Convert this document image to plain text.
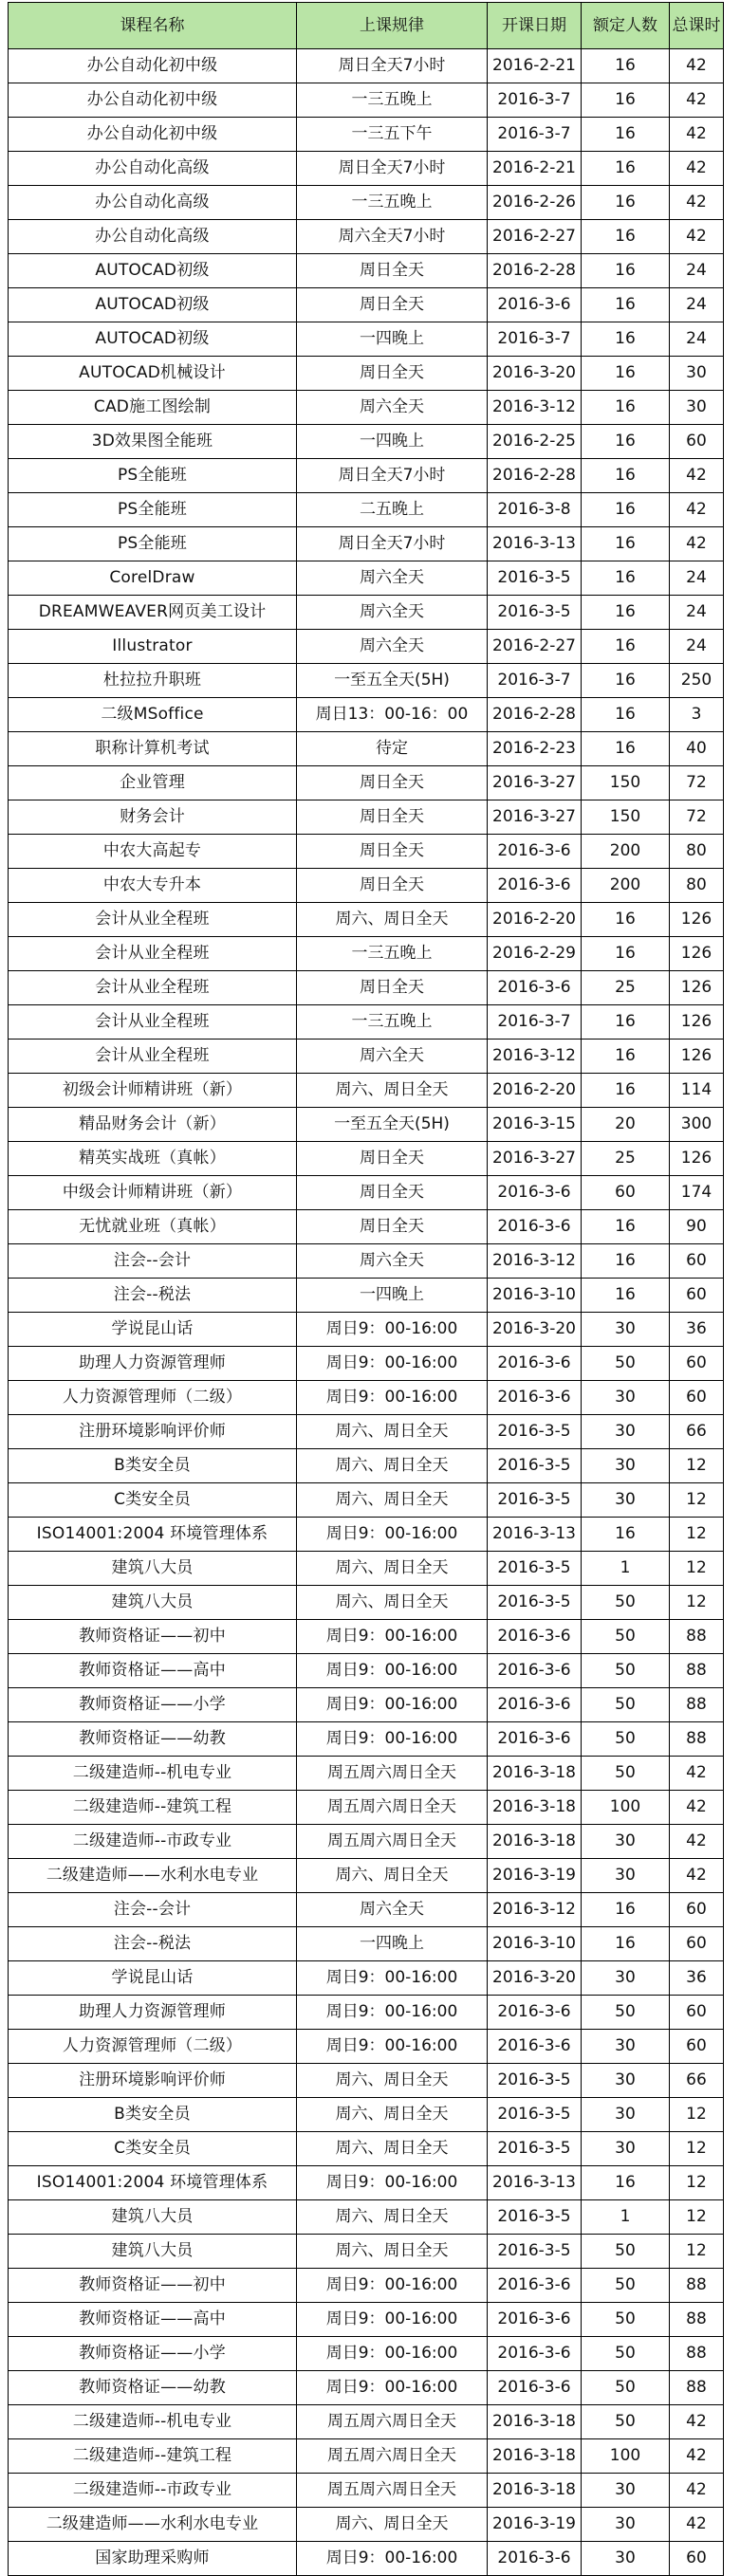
课程名称	上课规律	开课日期	额定人数	总课时
办公自动化初中级	周日全天7小时	2016-2-21	16	42
办公自动化初中级	一三五晚上	2016-3-7	16	42
办公自动化初中级	一三五下午	2016-3-7	16	42
办公自动化高级	周日全天7小时	2016-2-21	16	42
办公自动化高级	一三五晚上	2016-2-26	16	42
办公自动化高级	周六全天7小时	2016-2-27	16	42
AUTOCAD初级	周日全天	2016-2-28	16	24
AUTOCAD初级	周日全天	2016-3-6	16	24
AUTOCAD初级	一四晚上	2016-3-7	16	24
AUTOCAD机械设计	周日全天	2016-3-20	16	30
CAD施工图绘制	周六全天	2016-3-12	16	30
3D效果图全能班	一四晚上	2016-2-25	16	60
PS全能班	周日全天7小时	2016-2-28	16	42
PS全能班	二五晚上	2016-3-8	16	42
PS全能班	周日全天7小时	2016-3-13	16	42
CorelDraw	周六全天	2016-3-5	16	24
DREAMWEAVER网页美工设计	周六全天	2016-3-5	16	24
Illustrator	周六全天	2016-2-27	16	24
杜拉拉升职班	一至五全天(5H)	2016-3-7	16	250
二级MSoffice	周日13：00-16：00	2016-2-28	16	3
职称计算机考试	待定	2016-2-23	16	40
企业管理	周日全天	2016-3-27	150	72
财务会计	周日全天	2016-3-27	150	72
中农大高起专	周日全天	2016-3-6	200	80
中农大专升本	周日全天	2016-3-6	200	80
会计从业全程班	周六、周日全天	2016-2-20	16	126
会计从业全程班	一三五晚上	2016-2-29	16	126
会计从业全程班	周日全天	2016-3-6	25	126
会计从业全程班	一三五晚上	2016-3-7	16	126
会计从业全程班	周六全天	2016-3-12	16	126
初级会计师精讲班（新）	周六、周日全天	2016-2-20	16	114
精品财务会计（新）	一至五全天(5H)	2016-3-15	20	300
精英实战班（真帐）	周日全天	2016-3-27	25	126
中级会计师精讲班（新）	周日全天	2016-3-6	60	174
无忧就业班（真帐）	周日全天	2016-3-6	16	90
注会--会计	周六全天	2016-3-12	16	60
注会--税法	一四晚上	2016-3-10	16	60
学说昆山话	周日9：00-16:00	2016-3-20	30	36
助理人力资源管理师	周日9：00-16:00	2016-3-6	50	60
人力资源管理师（二级）	周日9：00-16:00	2016-3-6	30	60
注册环境影响评价师	周六、周日全天	2016-3-5	30	66
B类安全员	周六、周日全天	2016-3-5	30	12
C类安全员	周六、周日全天	2016-3-5	30	12
ISO14001:2004 环境管理体系	周日9：00-16:00	2016-3-13	16	12
建筑八大员	周六、周日全天	2016-3-5	1	12
建筑八大员	周六、周日全天	2016-3-5	50	12
教师资格证——初中	周日9：00-16:00	2016-3-6	50	88
教师资格证——高中	周日9：00-16:00	2016-3-6	50	88
教师资格证——小学	周日9：00-16:00	2016-3-6	50	88
教师资格证——幼教	周日9：00-16:00	2016-3-6	50	88
二级建造师--机电专业	周五周六周日全天	2016-3-18	50	42
二级建造师--建筑工程	周五周六周日全天	2016-3-18	100	42
二级建造师--市政专业	周五周六周日全天	2016-3-18	30	42
二级建造师——水利水电专业	周六、周日全天	2016-3-19	30	42
注会--会计	周六全天	2016-3-12	16	60
注会--税法	一四晚上	2016-3-10	16	60
学说昆山话	周日9：00-16:00	2016-3-20	30	36
助理人力资源管理师	周日9：00-16:00	2016-3-6	50	60
人力资源管理师（二级）	周日9：00-16:00	2016-3-6	30	60
注册环境影响评价师	周六、周日全天	2016-3-5	30	66
B类安全员	周六、周日全天	2016-3-5	30	12
C类安全员	周六、周日全天	2016-3-5	30	12
ISO14001:2004 环境管理体系	周日9：00-16:00	2016-3-13	16	12
建筑八大员	周六、周日全天	2016-3-5	1	12
建筑八大员	周六、周日全天	2016-3-5	50	12
教师资格证——初中	周日9：00-16:00	2016-3-6	50	88
教师资格证——高中	周日9：00-16:00	2016-3-6	50	88
教师资格证——小学	周日9：00-16:00	2016-3-6	50	88
教师资格证——幼教	周日9：00-16:00	2016-3-6	50	88
二级建造师--机电专业	周五周六周日全天	2016-3-18	50	42
二级建造师--建筑工程	周五周六周日全天	2016-3-18	100	42
二级建造师--市政专业	周五周六周日全天	2016-3-18	30	42
二级建造师——水利水电专业	周六、周日全天	2016-3-19	30	42
国家助理采购师	周日9：00-16:00	2016-3-6	30	60
